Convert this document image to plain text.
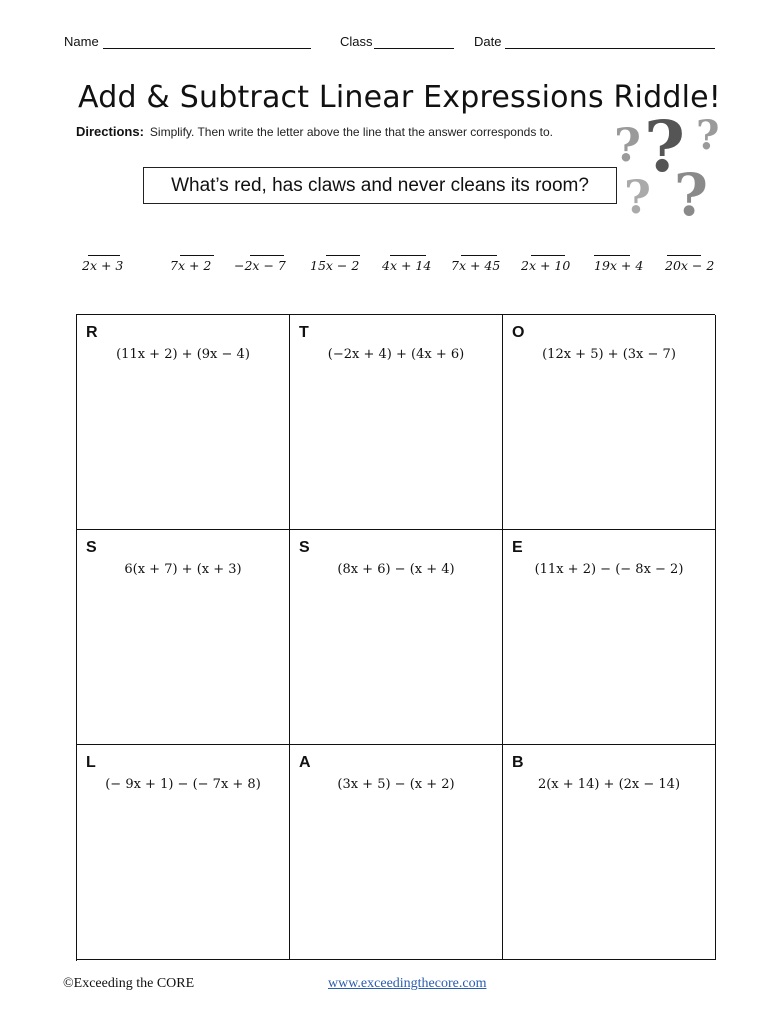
Name	Class	Date
Add & Subtract Linear Expressions Riddle!
Directions: Simplify. Then write the letter above the line that the answer corresponds to. ? ? ?
? ?
What’s red, has claws and never cleans its room?
2x + 3	7x + 2 −2x − 7 15x − 2 4x + 14 7x + 45 2x + 10 19x + 4 20x − 2
R
(11x + 2) + (9x − 4)
T
(−2x + 4) + (4x + 6)
O
(12x + 5) + (3x − 7)
S
6(x + 7) + (x + 3)
S
(8x + 6) − (x + 4)
E
(11x + 2) − (− 8x − 2)
L
(− 9x + 1) − (− 7x + 8)
A
(3x + 5) − (x + 2)
B
2(x + 14) + (2x − 14)
©Exceeding the CORE	www.exceedingthecore.com
